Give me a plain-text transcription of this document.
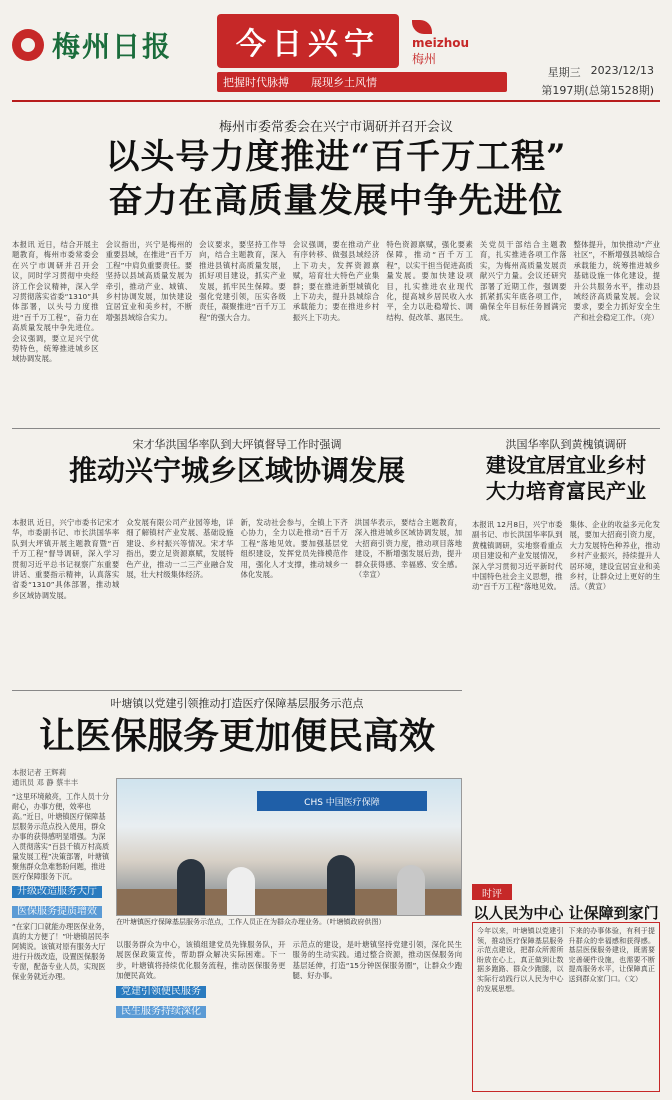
梅州日报 今日兴宁
把握时代脉搏 展现乡土风情
meizhou
梅州
星期三 2023/12/13
第197期(总第1528期)
梅州市委常委会在兴宁市调研并召开会议
以头号力度推进“百千万工程”
奋力在高质量发展中争先进位
本报讯 近日，结合开展主题教育，梅州市委常委会在兴宁市调研并召开会议，同时学习贯彻中央经济工作会议精神，深入学习贯彻落实省委“1310”具体部署，以头号力度推进“百千万工程”，奋力在高质量发展中争先进位。会议强调，要立足兴宁优势特色，统筹推进城乡区域协调发展。
会议指出，兴宁是梅州的重要县域，在推进“百千万工程”中肩负重要责任。要坚持以县域高质量发展为牵引，推动产业、城镇、乡村协调发展，加快建设宜居宜业和美乡村，不断增强县域综合实力。
会议要求，要坚持工作导向，结合主题教育，深入推进县镇村高质量发展，抓好项目建设，抓实产业发展，抓牢民生保障。要强化党建引领，压实各级责任，凝聚推进“百千万工程”的强大合力。
会议强调，要在推动产业有序转移、做强县域经济上下功夫，发挥资源禀赋，培育壮大特色产业集群；要在推进新型城镇化上下功夫，提升县城综合承载能力；要在推进乡村振兴上下功夫。
特色资源禀赋，强化要素保障，推动“百千万工程”，以实干担当促进高质量发展。要加快建设项目，扎实推进农业现代化，提高城乡居民收入水平，全力以赴稳增长、调结构、促改革、惠民生。
关党员干部结合主题教育，扎实推进各项工作落实，为梅州高质量发展贡献兴宁力量。会议还研究部署了近期工作，强调要抓紧抓实年底各项工作，确保全年目标任务圆满完成。
整体提升，加快推动“产业社区”，不断增强县城综合承载能力，统筹推进城乡基础设施一体化建设，提升公共服务水平，推动县域经济高质量发展。会议要求，要全力抓好安全生产和社会稳定工作。（亮）
宋才华洪国华率队到大坪镇督导工作时强调
推动兴宁城乡区域协调发展
本报讯 近日，兴宁市委书记宋才华，市委副书记、市长洪国华率队到大坪镇开展主题教育暨“百千万工程”督导调研，深入学习贯彻习近平总书记视察广东重要讲话、重要指示精神，认真落实省委“1310”具体部署，推动城乡区域协调发展。
众发展有限公司产业园等地，详细了解镇村产业发展、基础设施建设、乡村振兴等情况。宋才华指出，要立足资源禀赋，发展特色产业，推动一二三产业融合发展，壮大村级集体经济。
新，发动社会参与，全镇上下齐心协力，全力以赴推动“百千万工程”落地见效。要加强基层党组织建设，发挥党员先锋模范作用，强化人才支撑，推动城乡一体化发展。
洪国华表示，要结合主题教育，深入推进城乡区域协调发展，加大招商引资力度，推动项目落地建设，不断增强发展后劲，提升群众获得感、幸福感、安全感。（幸宣）
洪国华率队到黄槐镇调研
建设宜居宜业乡村
大力培育富民产业
本报讯 12月8日，兴宁市委副书记、市长洪国华率队到黄槐镇调研，实地察看重点项目建设和产业发展情况，深入学习贯彻习近平新时代中国特色社会主义思想，推动“百千万工程”落地见效。
集体、企业的收益多元化发展，要加大招商引资力度，大力发展特色种养业，推动乡村产业振兴，持续提升人居环境，建设宜居宜业和美乡村，让群众过上更好的生活。（黄宣）
叶塘镇以党建引领推动打造医疗保障基层服务示范点
让医保服务更加便民高效
本报记者 王辉莉
通讯员 邓 静 蔡丰丰
“这里环境敞亮，工作人员十分耐心，办事方便，效率也高。”近日，叶塘镇医疗保障基层服务示范点投入使用，群众办事的获得感明显增强。为深入贯彻落实“百县千镇万村高质量发展工程”决策部署，叶塘镇聚焦群众急难愁盼问题，推进医疗保障服务下沉。
升级改造服务大厅 医保服务提质增效
“在家门口就能办理医保业务，真的太方便了！”叶塘镇居民李阿姨说。该镇对原有服务大厅进行升级改造，设置医保服务专窗，配备专业人员，实现医保业务就近办理。
CHS 中国医疗保障
在叶塘镇医疗保障基层服务示范点，工作人员正在为群众办理业务。（叶塘镇政府供图）
以服务群众为中心，该镇组建党员先锋服务队，开展医保政策宣传，帮助群众解决实际困难。下一步，叶塘镇将持续优化服务流程，推动医保服务更加便民高效。
党建引领便民服务 民生服务持续深化
示范点的建设，是叶塘镇坚持党建引领，深化民生服务的生动实践。通过整合资源，推动医保服务向基层延伸，打造“15分钟医保服务圈”，让群众少跑腿、好办事。
时评
以人民为中心 让保障到家门
今年以来，叶塘镇以党建引领，推动医疗保障基层服务示范点建设，把群众所需所盼放在心上，真正做到让数据多跑路、群众少跑腿，以实际行动践行以人民为中心的发展思想。
下来的办事体验，有利于提升群众的幸福感和获得感。基层医保服务建设，既需要完善硬件设施，也需要不断提高服务水平，让保障真正送到群众家门口。（文）
